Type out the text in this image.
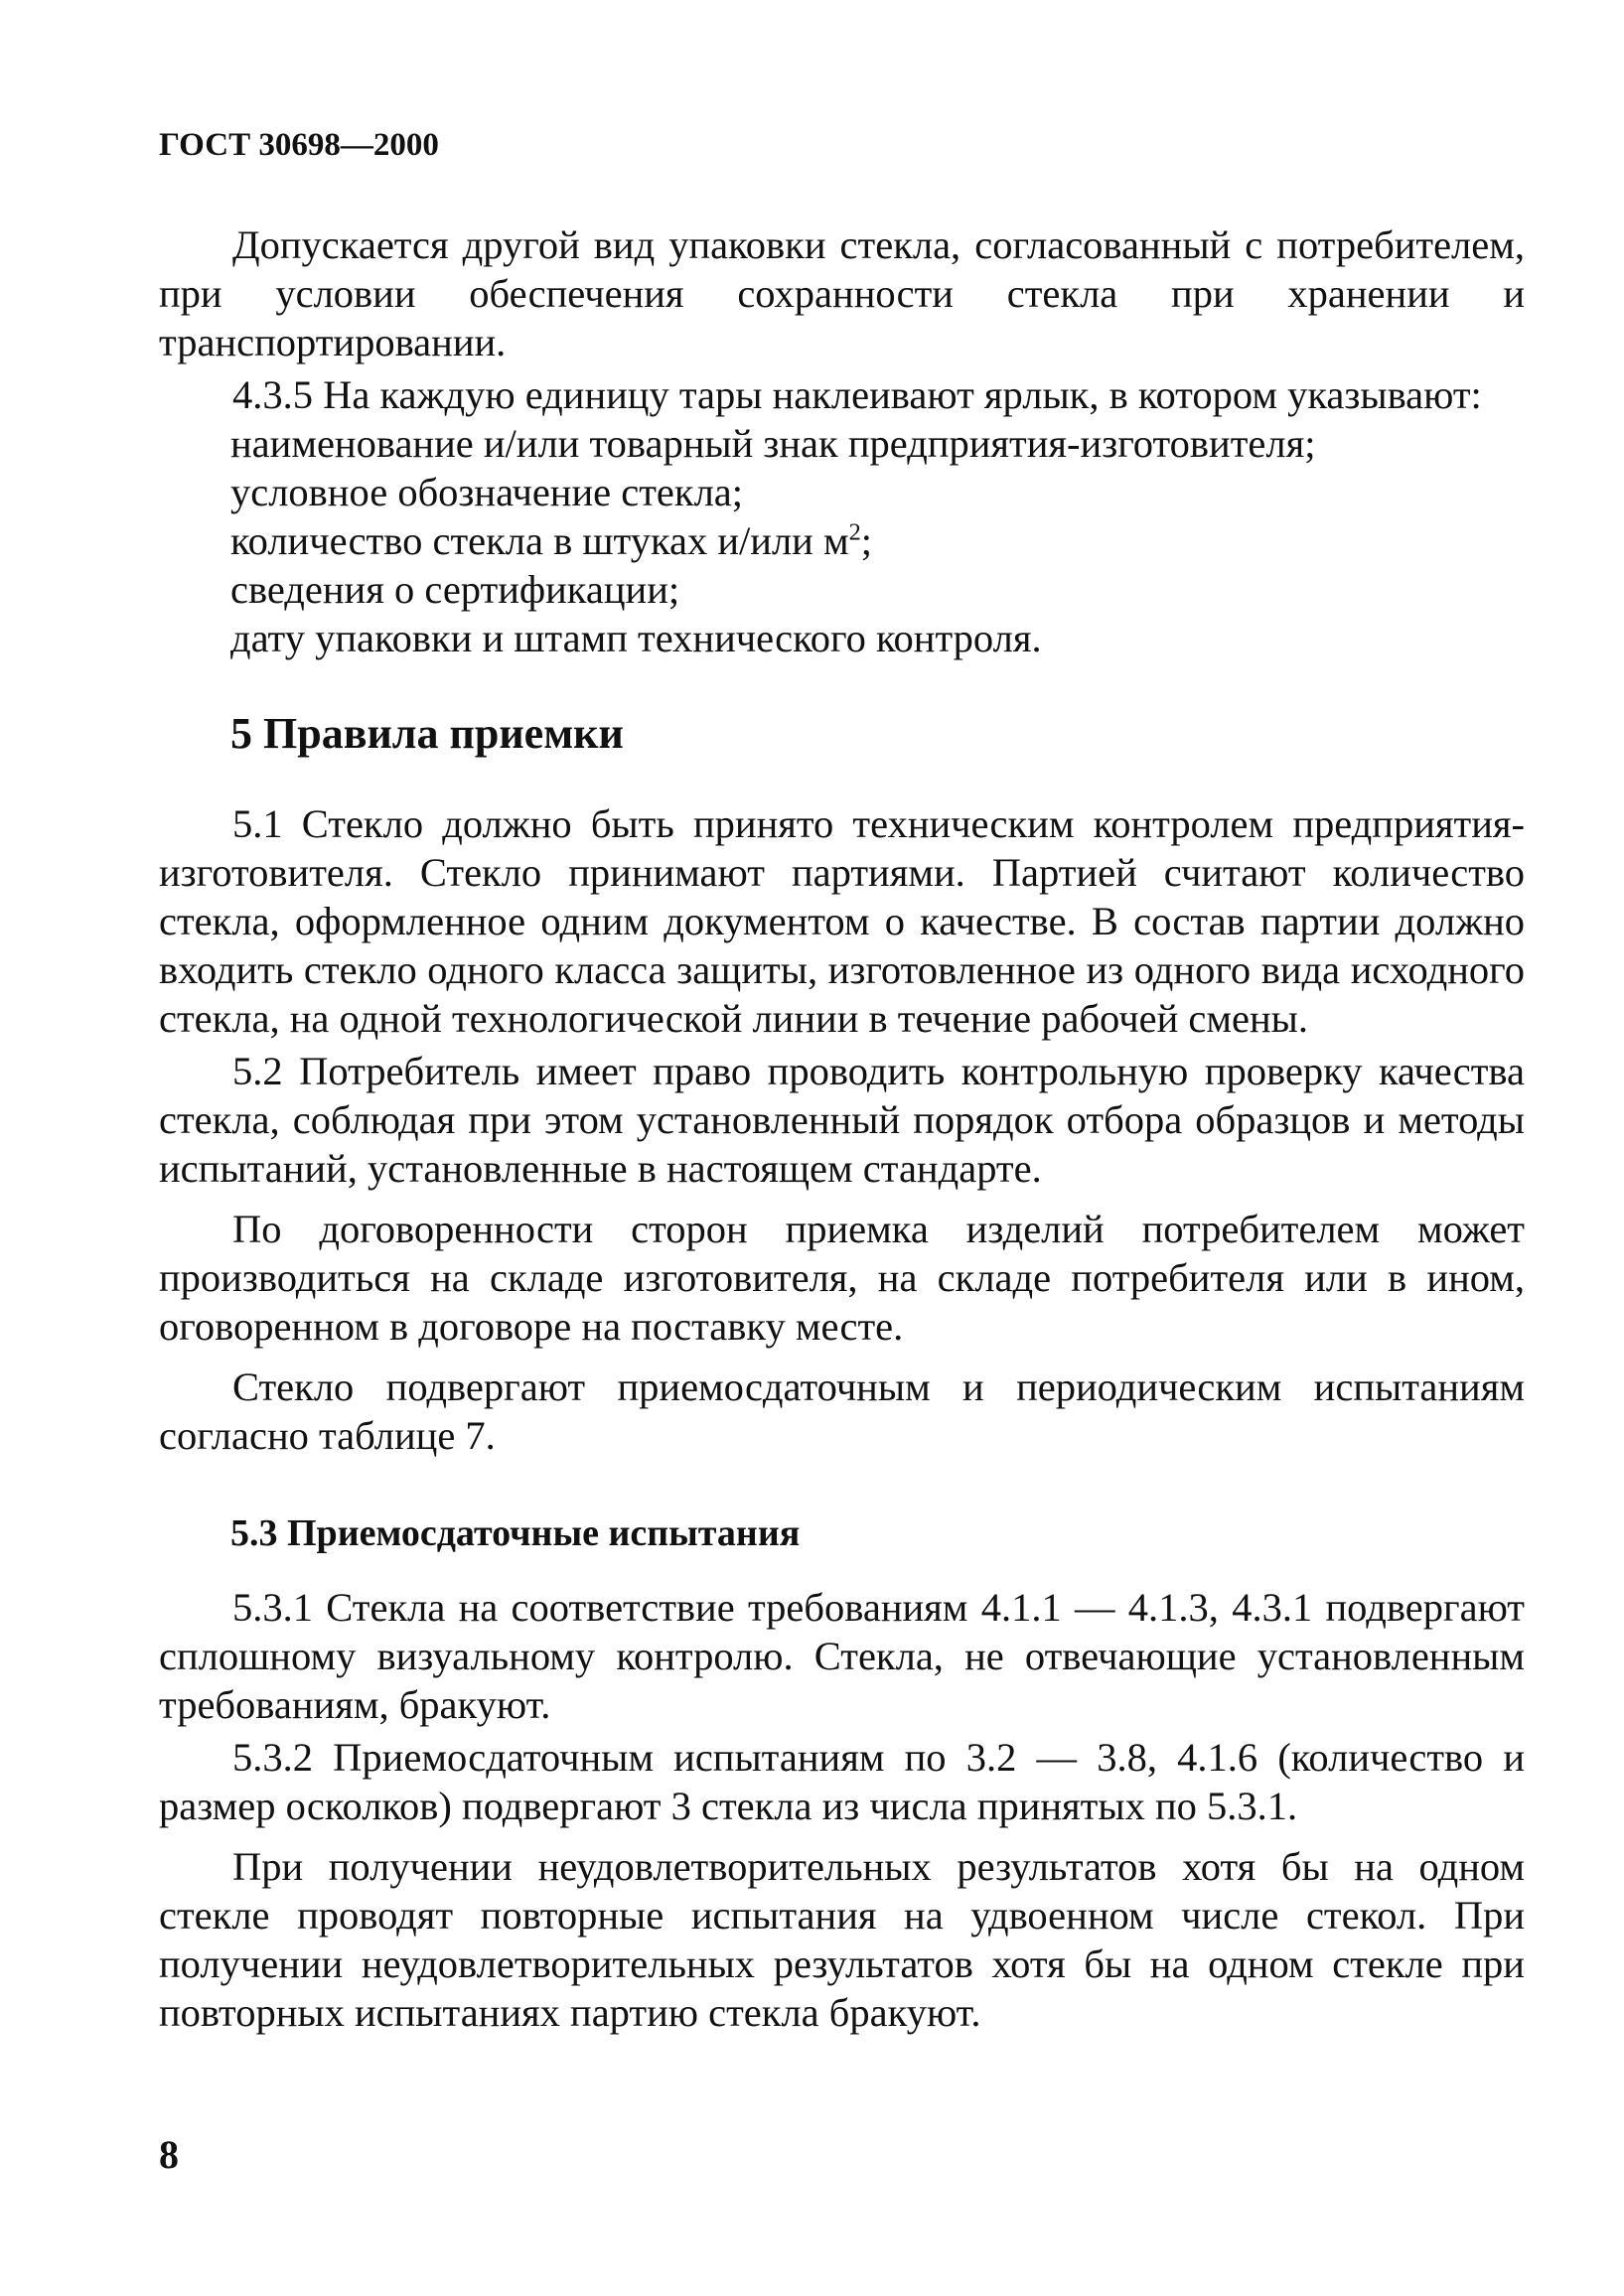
ГОСТ 30698—2000

Допускается другой вид упаковки стекла, согласованный с потребителем, при условии обеспечения сохранности стекла при хранении и транспортировании.

4.3.5 На каждую единицу тары наклеивают ярлык, в котором указывают:

наименование и/или товарный знак предприятия-изготовителя;

условное обозначение стекла;

количество стекла в штуках и/или $м^2$;

сведения о сертификации;

дату упаковки и штамп технического контроля.

5 Правила приемки

5.1 Стекло должно быть принято техническим контролем предприятия-изготовителя. Стекло принимают партиями. Партией считают количество стекла, оформленное одним документом о качестве. В состав партии должно входить стекло одного класса защиты, изготовленное из одного вида исходного стекла, на одной технологической линии в течение рабочей смены.

5.2 Потребитель имеет право проводить контрольную проверку качества стекла, соблюдая при этом установленный порядок отбора образцов и методы испытаний, установленные в настоящем стандарте.

По договоренности сторон приемка изделий потребителем может производиться на складе изготовителя, на складе потребителя или в ином, оговоренном в договоре на поставку месте.

Стекло подвергают приемосдаточным и периодическим испытаниям согласно таблице 7.

5.3 Приемосдаточные испытания

5.3.1 Стекла на соответствие требованиям 4.1.1 — 4.1.3, 4.3.1 подвергают сплошному визуальному контролю. Стекла, не отвечающие установленным требованиям, бракуют.

5.3.2 Приемосдаточным испытаниям по 3.2 — 3.8, 4.1.6 (количество и размер осколков) подвергают 3 стекла из числа принятых по 5.3.1.

При получении неудовлетворительных результатов хотя бы на одном стекле проводят повторные испытания на удвоенном числе стекол. При получении неудовлетворительных результатов хотя бы на одном стекле при повторных испытаниях партию стекла бракуют.

8
